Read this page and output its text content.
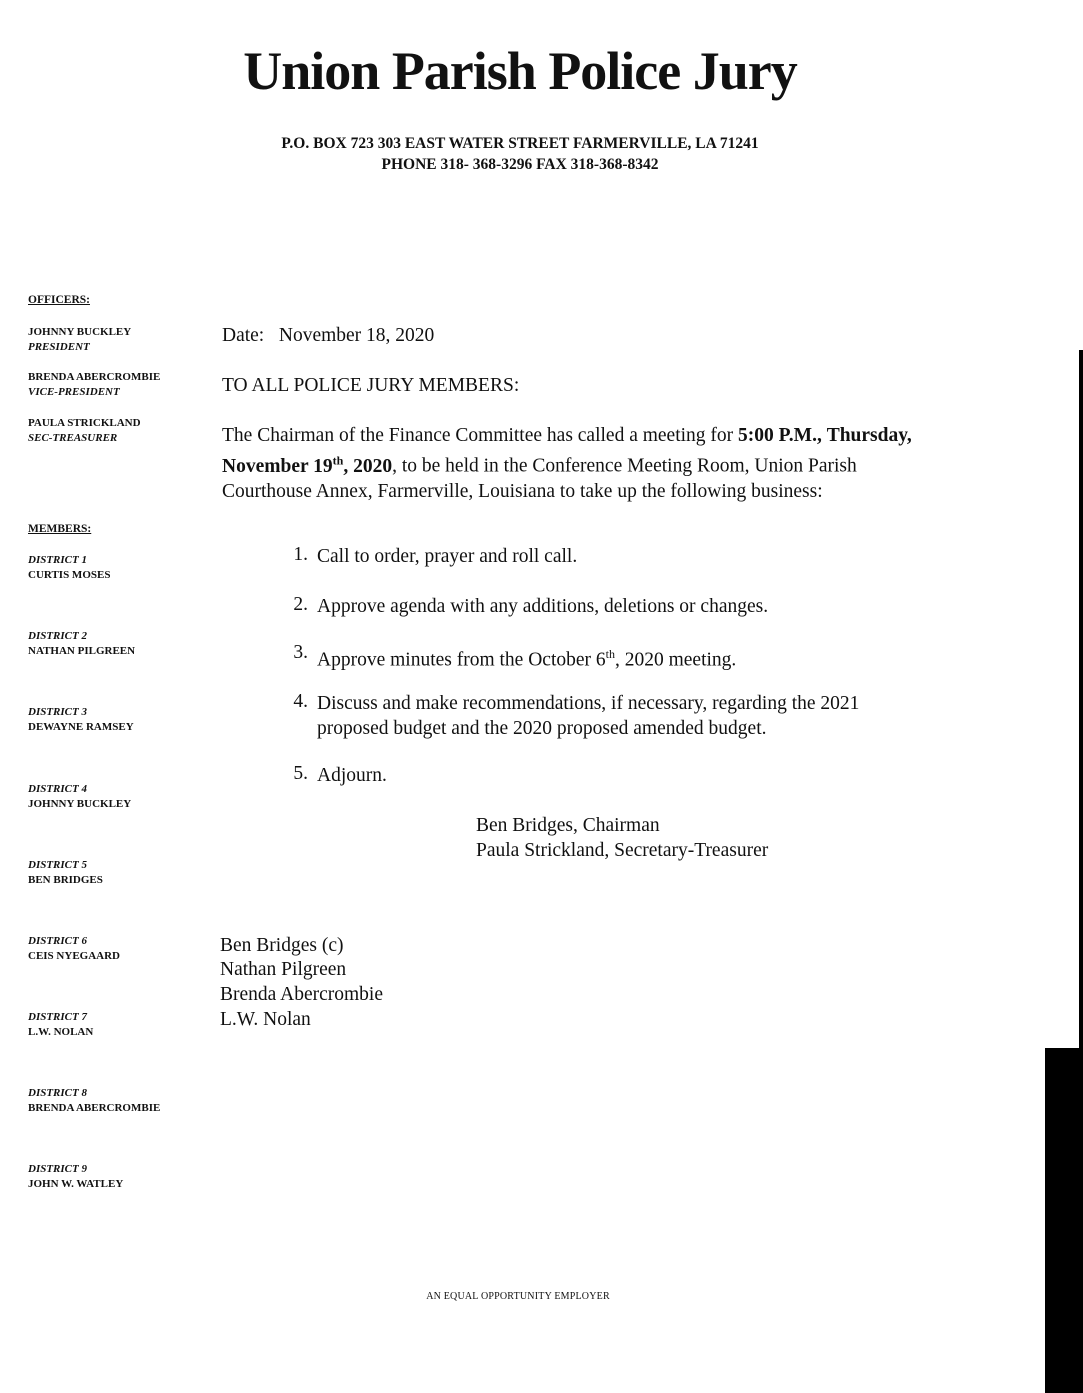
Union Parish Police Jury
P.O. BOX 723 303 EAST WATER STREET FARMERVILLE, LA 71241
PHONE 318- 368-3296 FAX 318-368-8342
OFFICERS:
JOHNNY BUCKLEY
PRESIDENT
BRENDA ABERCROMBIE
VICE-PRESIDENT
PAULA STRICKLAND
SEC-TREASURER
MEMBERS:
DISTRICT 1
CURTIS MOSES
DISTRICT 2
NATHAN PILGREEN
DISTRICT 3
DEWAYNE RAMSEY
DISTRICT 4
JOHNNY BUCKLEY
DISTRICT 5
BEN BRIDGES
DISTRICT 6
CEIS NYEGAARD
DISTRICT 7
L.W. NOLAN
DISTRICT 8
BRENDA ABERCROMBIE
DISTRICT 9
JOHN W. WATLEY
Date: November 18, 2020
TO ALL POLICE JURY MEMBERS:
The Chairman of the Finance Committee has called a meeting for 5:00 P.M., Thursday, November 19th, 2020, to be held in the Conference Meeting Room, Union Parish Courthouse Annex, Farmerville, Louisiana to take up the following business:
1. Call to order, prayer and roll call.
2. Approve agenda with any additions, deletions or changes.
3. Approve minutes from the October 6th, 2020 meeting.
4. Discuss and make recommendations, if necessary, regarding the 2021 proposed budget and the 2020 proposed amended budget.
5. Adjourn.
Ben Bridges, Chairman
Paula Strickland, Secretary-Treasurer
Ben Bridges (c)
Nathan Pilgreen
Brenda Abercrombie
L.W. Nolan
AN EQUAL OPPORTUNITY EMPLOYER
